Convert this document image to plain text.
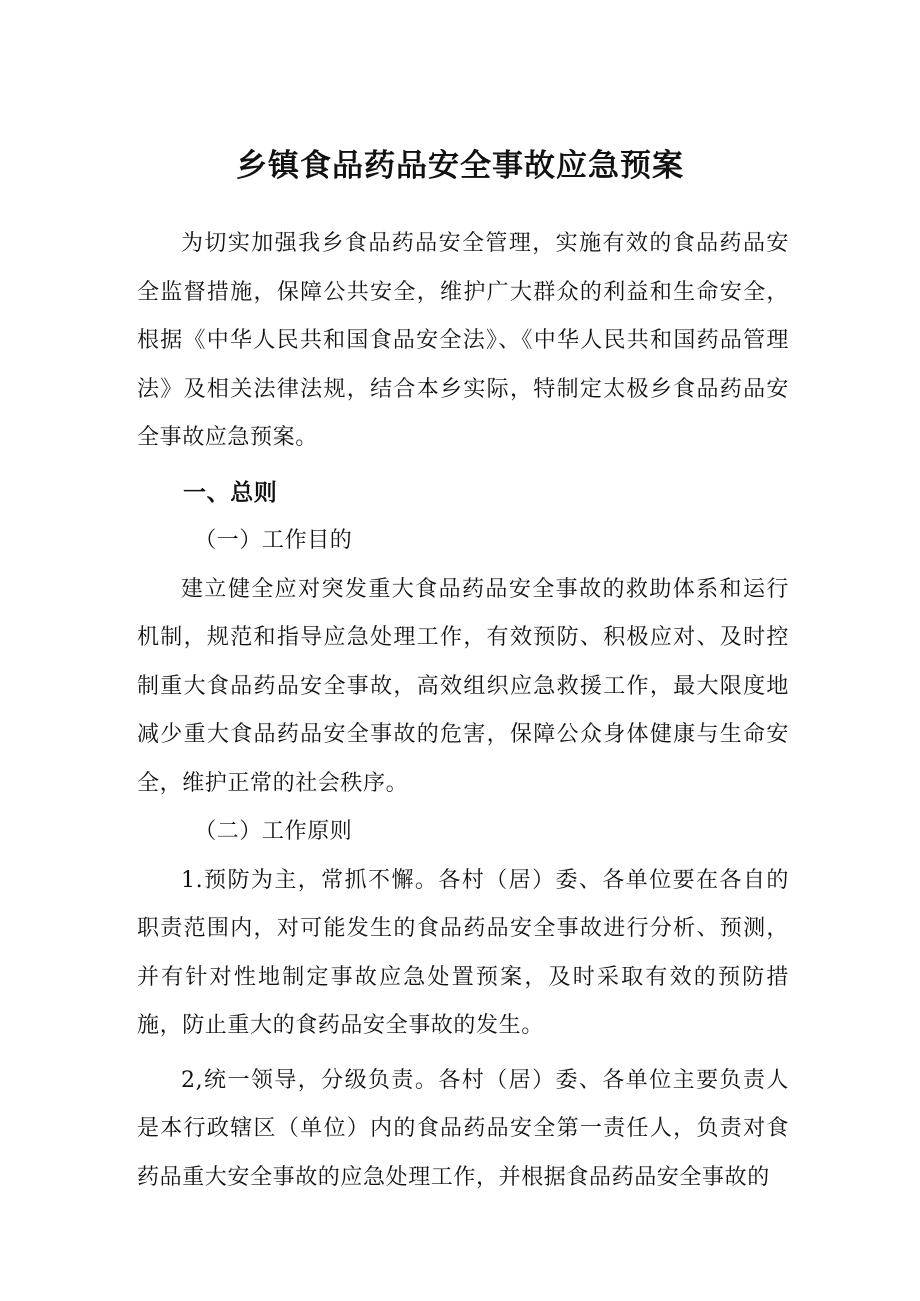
乡镇食品药品安全事故应急预案

为切实加强我乡食品药品安全管理，实施有效的食品药品安全监督措施，保障公共安全，维护广大群众的利益和生命安全，根据《中华人民共和国食品安全法》、《中华人民共和国药品管理法》及相关法律法规，结合本乡实际，特制定太极乡食品药品安全事故应急预案。

一、总则

（一）工作目的

建立健全应对突发重大食品药品安全事故的救助体系和运行机制，规范和指导应急处理工作，有效预防、积极应对、及时控制重大食品药品安全事故，高效组织应急救援工作，最大限度地减少重大食品药品安全事故的危害，保障公众身体健康与生命安全，维护正常的社会秩序。

（二）工作原则

1.预防为主，常抓不懈。各村（居）委、各单位要在各自的职责范围内，对可能发生的食品药品安全事故进行分析、预测，并有针对性地制定事故应急处置预案，及时采取有效的预防措施，防止重大的食药品安全事故的发生。

2,统一领导，分级负责。各村（居）委、各单位主要负责人是本行政辖区（单位）内的食品药品安全第一责任人，负责对食药品重大安全事故的应急处理工作，并根据食品药品安全事故的
